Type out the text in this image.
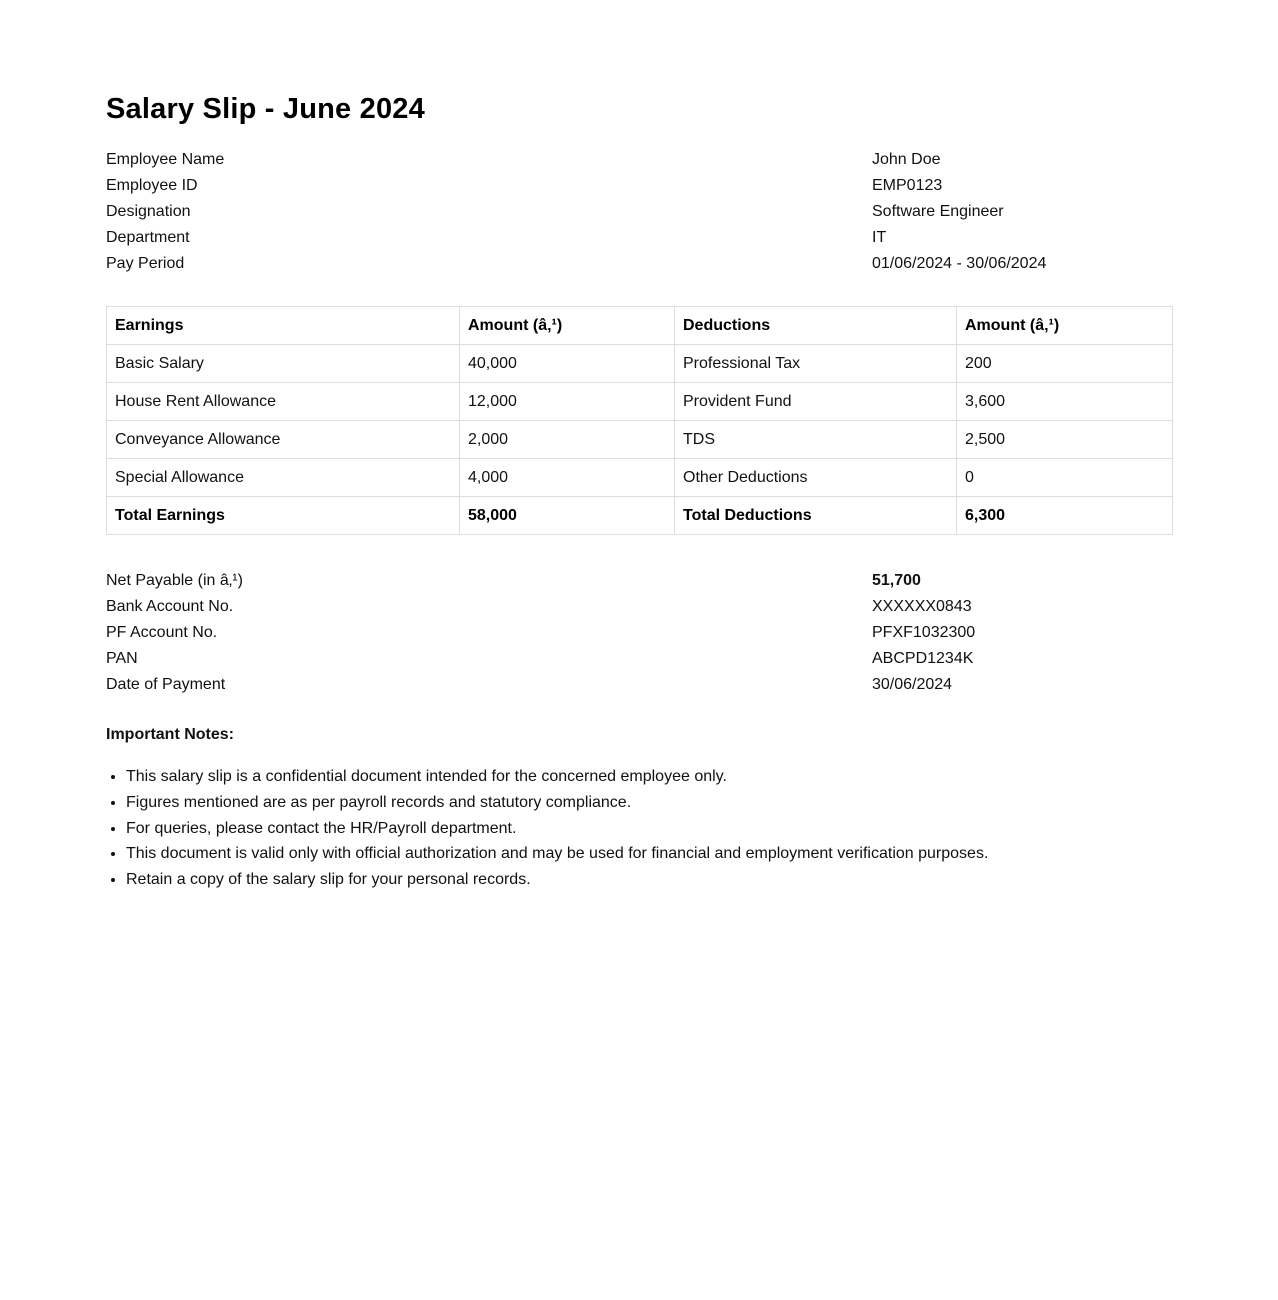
Salary Slip - June 2024
Employee Name	John Doe
Employee ID	EMP0123
Designation	Software Engineer
Department	IT
Pay Period	01/06/2024 - 30/06/2024
Earnings	Amount (â‚¹)	Deductions	Amount (â‚¹)
Basic Salary	40,000	Professional Tax	200
House Rent Allowance	12,000	Provident Fund	3,600
Conveyance Allowance	2,000	TDS	2,500
Special Allowance	4,000	Other Deductions	0
Total Earnings	58,000	Total Deductions	6,300
Net Payable (in â‚¹)	51,700
Bank Account No.	XXXXXX0843
PF Account No.	PFXF1032300
PAN	ABCPD1234K
Date of Payment	30/06/2024

Important Notes:

• This salary slip is a confidential document intended for the concerned employee only.
• Figures mentioned are as per payroll records and statutory compliance.
• For queries, please contact the HR/Payroll department.
• This document is valid only with official authorization and may be used for financial and employment verification purposes.
• Retain a copy of the salary slip for your personal records.
